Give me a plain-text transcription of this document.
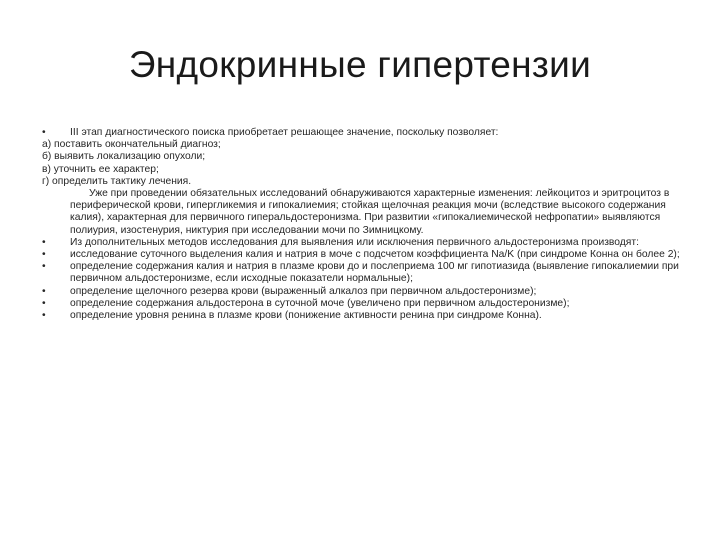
Эндокринные гипертензии
•	III этап диагностического поиска приобретает решающее значение, поскольку позволяет:
а) поставить окончательный диагноз;
б) выявить локализацию опухоли;
в) уточнить ее характер;
г) определить тактику лечения.
Уже при проведении обязательных исследований обнаруживаются характерные изменения: лейкоцитоз и эритроцитоз в периферической крови, гипергликемия и гипокалиемия; стойкая щелочная реакция мочи (вследствие высокого содержания калия), характерная для первичного гиперальдостеронизма. При развитии «гипокалиемической нефропатии» выявляются полиурия, изостенурия, никтурия при исследовании мочи по Зимницкому.
•	Из дополнительных методов исследования для выявления или исключения первичного альдостеронизма производят:
•	исследование суточного выделения калия и натрия в моче с подсчетом коэффициента Na/K (при синдроме Конна он более 2);
•	определение содержания калия и натрия в плазме крови до и послеприема 100 мг гипотиазида (выявление гипокалиемии при первичном альдостеронизме, если исходные показатели нормальные);
•	определение щелочного резерва крови (выраженный алкалоз при первичном альдостеронизме);
•	определение содержания альдостерона в суточной моче (увеличено при первичном альдостеронизме);
•	определение уровня ренина в плазме крови (понижение активности ренина при синдроме Конна).
